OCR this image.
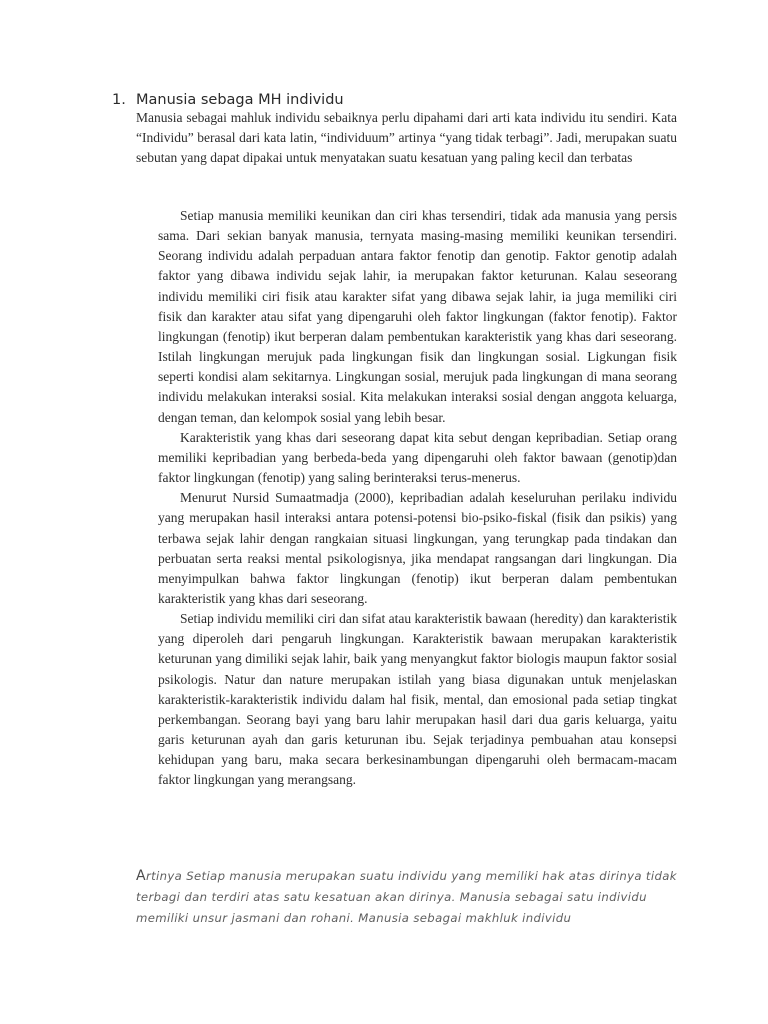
1. Manusia sebaga MH individu

Manusia sebagai mahluk individu sebaiknya perlu dipahami dari arti kata individu itu sendiri. Kata “Individu” berasal dari kata latin, “individuum” artinya “yang tidak terbagi”. Jadi, merupakan suatu sebutan yang dapat dipakai untuk menyatakan suatu kesatuan yang paling kecil dan terbatas

Setiap manusia memiliki keunikan dan ciri khas tersendiri, tidak ada manusia yang persis sama. Dari sekian banyak manusia, ternyata masing-masing memiliki keunikan tersendiri. Seorang individu adalah perpaduan antara faktor fenotip dan genotip. Faktor genotip adalah faktor yang dibawa individu sejak lahir, ia merupakan faktor keturunan. Kalau seseorang individu memiliki ciri fisik atau karakter sifat yang dibawa sejak lahir, ia juga memiliki ciri fisik dan karakter atau sifat yang dipengaruhi oleh faktor lingkungan (faktor fenotip). Faktor lingkungan (fenotip) ikut berperan dalam pembentukan karakteristik yang khas dari seseorang. Istilah lingkungan merujuk pada lingkungan fisik dan lingkungan sosial. Ligkungan fisik seperti kondisi alam sekitarnya. Lingkungan sosial, merujuk pada lingkungan di mana seorang individu melakukan interaksi sosial. Kita melakukan interaksi sosial dengan anggota keluarga, dengan teman, dan kelompok sosial yang lebih besar.

Karakteristik yang khas dari seseorang dapat kita sebut dengan kepribadian. Setiap orang memiliki kepribadian yang berbeda-beda yang dipengaruhi oleh faktor bawaan (genotip)dan faktor lingkungan (fenotip) yang saling berinteraksi terus-menerus.

Menurut Nursid Sumaatmadja (2000), kepribadian adalah keseluruhan perilaku individu yang merupakan hasil interaksi antara potensi-potensi bio-psiko-fiskal (fisik dan psikis) yang terbawa sejak lahir dengan rangkaian situasi lingkungan, yang terungkap pada tindakan dan perbuatan serta reaksi mental psikologisnya, jika mendapat rangsangan dari lingkungan. Dia menyimpulkan bahwa faktor lingkungan (fenotip) ikut berperan dalam pembentukan karakteristik yang khas dari seseorang.

Setiap individu memiliki ciri dan sifat atau karakteristik bawaan (heredity) dan karakteristik yang diperoleh dari pengaruh lingkungan. Karakteristik bawaan merupakan karakteristik keturunan yang dimiliki sejak lahir, baik yang menyangkut faktor biologis maupun faktor sosial psikologis. Natur dan nature merupakan istilah yang biasa digunakan untuk menjelaskan karakteristik-karakteristik individu dalam hal fisik, mental, dan emosional pada setiap tingkat perkembangan. Seorang bayi yang baru lahir merupakan hasil dari dua garis keluarga, yaitu garis keturunan ayah dan garis keturunan ibu. Sejak terjadinya pembuahan atau konsepsi kehidupan yang baru, maka secara berkesinambungan dipengaruhi oleh bermacam-macam faktor lingkungan yang merangsang.

Artinya Setiap manusia merupakan suatu individu yang memiliki hak atas dirinya tidak terbagi dan terdiri atas satu kesatuan akan dirinya. Manusia sebagai satu individu memiliki unsur jasmani dan rohani. Manusia sebagai makhluk individu
